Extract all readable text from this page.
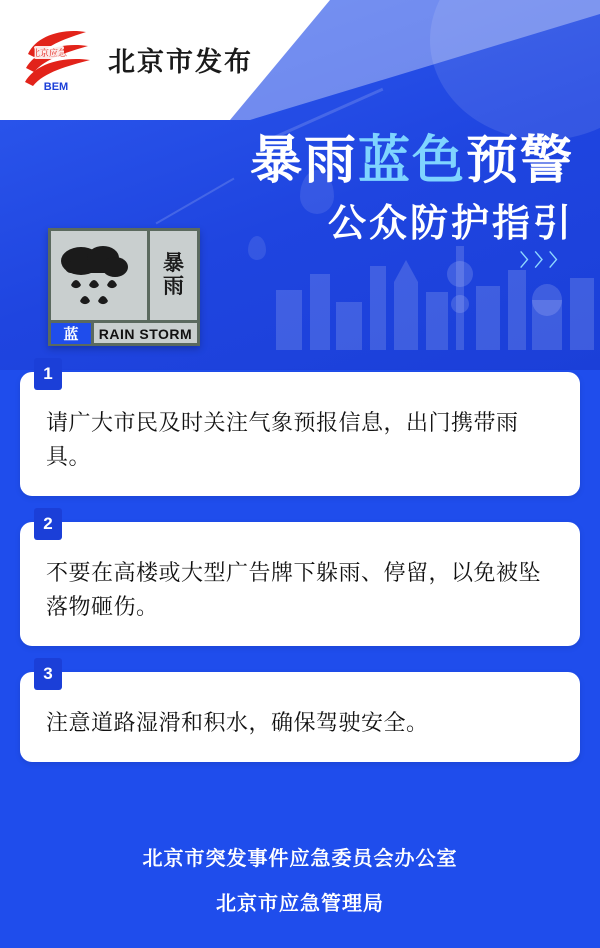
北京应急
BEM
北京市发布
暴雨蓝色预警
公众防护指引
〉〉〉
暴
雨
蓝	RAIN STORM
1
请广大市民及时关注气象预报信息，出门携带雨具。
2
不要在高楼或大型广告牌下躲雨、停留，以免被坠落物砸伤。
3
注意道路湿滑和积水，确保驾驶安全。
北京市突发事件应急委员会办公室
北京市应急管理局
